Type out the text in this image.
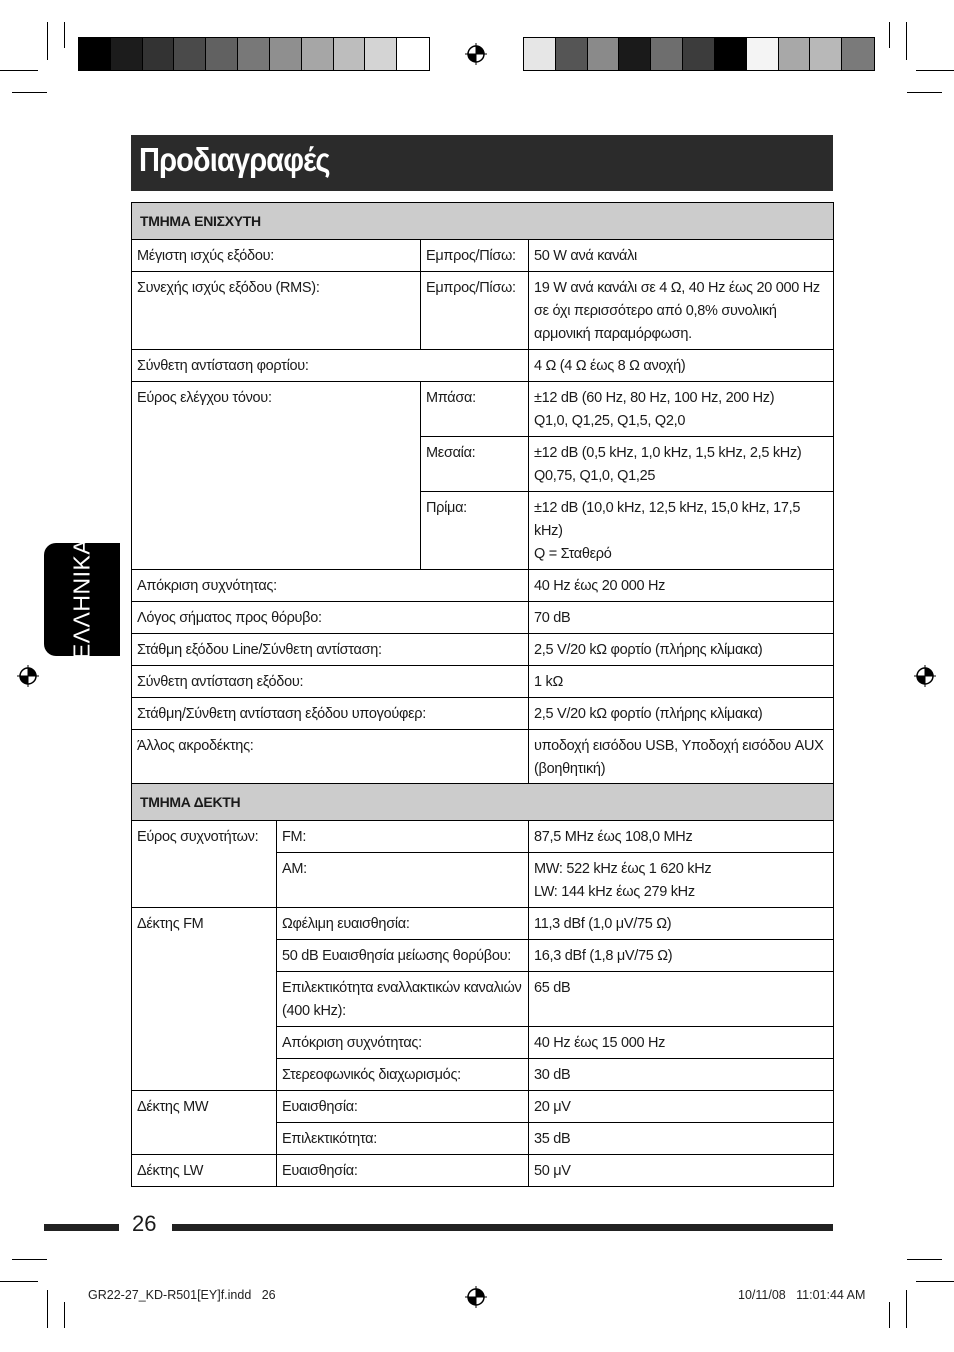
Προδιαγραφές
ΕΛΛΗΝΙΚΑ
ΤΜΗΜΑ ΕΝΙΣΧΥΤΗ		
Μέγιστη ισχύς εξόδου:	Εμπρος/Πίσω:	50 W ανά κανάλι
Συνεχής ισχύς εξόδου (RMS):	Εμπρος/Πίσω:	19 W ανά κανάλι σε 4 Ω, 40 Hz έως 20 000 Hz σε όχι περισσότερο από 0,8% συνολική αρμονική παραμόρφωση.
Σύνθετη αντίσταση φορτίου:		4 Ω (4 Ω έως 8 Ω ανοχή)
Εύρος ελέγχου τόνου:	Μπάσα:	±12 dB (60 Hz, 80 Hz, 100 Hz, 200 Hz)
Q1,0, Q1,25, Q1,5, Q2,0
	Μεσαία:	±12 dB (0,5 kHz, 1,0 kHz, 1,5 kHz, 2,5 kHz)
Q0,75, Q1,0, Q1,25
	Πρίμα:	±12 dB (10,0 kHz, 12,5 kHz, 15,0 kHz, 17,5 kHz)
Q = Σταθερό
Απόκριση συχνότητας:		40 Hz έως 20 000 Hz
Λόγος σήματος προς θόρυβο:		70 dB
Στάθμη εξόδου Line/Σύνθετη αντίσταση:		2,5 V/20 kΩ φορτίο (πλήρης κλίμακα)
Σύνθετη αντίσταση εξόδου:		1 kΩ
Στάθμη/Σύνθετη αντίσταση εξόδου υπογούφερ:		2,5 V/20 kΩ φορτίο (πλήρης κλίμακα)
Άλλος ακροδέκτης:		υποδοχή εισόδου USB, Υποδοχή εισόδου AUX (βοηθητική)
ΤΜΗΜΑ ΔΕΚΤΗ		
Εύρος συχνοτήτων:	FM:	87,5 MHz έως 108,0 MHz
	AM:	MW: 522 kHz έως 1 620 kHz
LW: 144 kHz έως 279 kHz
Δέκτης FM	Ωφέλιμη ευαισθησία:	11,3 dBf (1,0 μV/75 Ω)
	50 dB Ευαισθησία μείωσης θορύβου:	16,3 dBf (1,8 μV/75 Ω)
	Επιλεκτικότητα εναλλακτικών καναλιών (400 kHz):	65 dB
	Απόκριση συχνότητας:	40 Hz έως 15 000 Hz
	Στερεοφωνικός διαχωρισμός:	30 dB
Δέκτης MW	Ευαισθησία:	20 μV
	Επιλεκτικότητα:	35 dB
Δέκτης LW	Ευαισθησία:	50 μV
26
GR22-27_KD-R501[EY]f.indd   26	10/11/08   11:01:44 AM
